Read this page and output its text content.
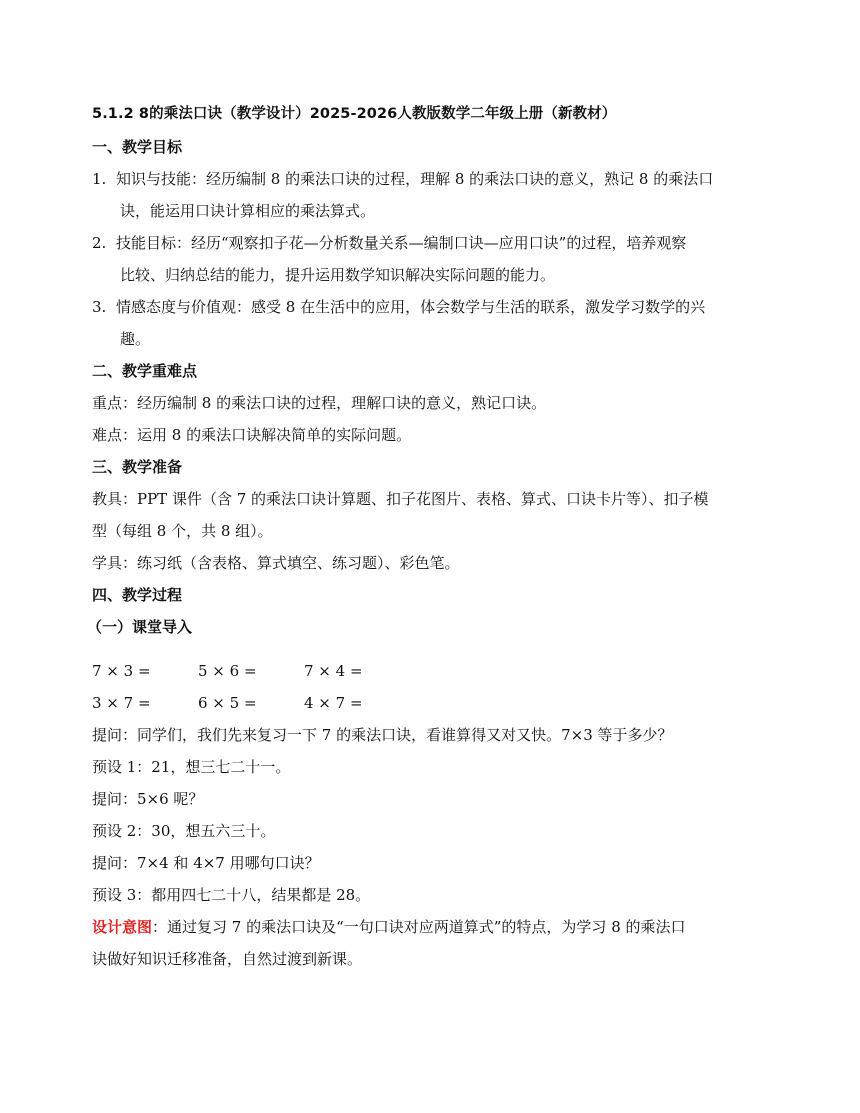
5.1.2 8的乘法口诀（教学设计）2025-2026人教版数学二年级上册（新教材）
一、教学目标
1. 知识与技能：经历编制 8 的乘法口诀的过程，理解 8 的乘法口诀的意义，熟记 8 的乘法口
诀，能运用口诀计算相应的乘法算式。
2. 技能目标：经历“观察扣子花—分析数量关系—编制口诀—应用口诀”的过程，培养观察
比较、归纳总结的能力，提升运用数学知识解决实际问题的能力。
3. 情感态度与价值观：感受 8 在生活中的应用，体会数学与生活的联系，激发学习数学的兴
趣。
二、教学重难点
重点：经历编制 8 的乘法口诀的过程，理解口诀的意义，熟记口诀。
难点：运用 8 的乘法口诀解决简单的实际问题。
三、教学准备
教具：PPT 课件（含 7 的乘法口诀计算题、扣子花图片、表格、算式、口诀卡片等）、扣子模
型（每组 8 个，共 8 组）。
学具：练习纸（含表格、算式填空、练习题）、彩色笔。
四、教学过程
（一）课堂导入
7 × 3 =	5 × 6 =	7 × 4 =
3 × 7 =	6 × 5 =	4 × 7 =
提问：同学们，我们先来复习一下 7 的乘法口诀，看谁算得又对又快。7×3 等于多少？
预设 1：21，想三七二十一。
提问：5×6 呢？
预设 2：30，想五六三十。
提问：7×4 和 4×7 用哪句口诀？
预设 3：都用四七二十八，结果都是 28。
设计意图：通过复习 7 的乘法口诀及“一句口诀对应两道算式”的特点，为学习 8 的乘法口
诀做好知识迁移准备，自然过渡到新课。
